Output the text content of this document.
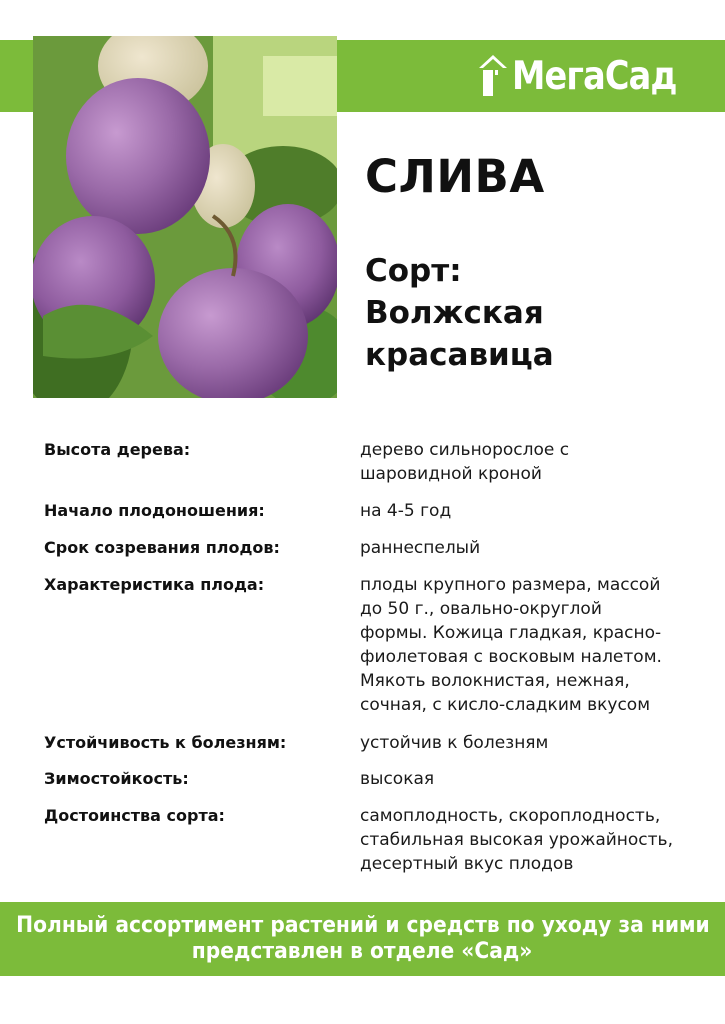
МегаСад
СЛИВА
Сорт:
Волжская
красавица
Высота дерева:	дерево сильнорослое с
шаровидной кроной
Начало плодоношения:	на 4-5 год
Срок созревания плодов:	раннеспелый
Характеристика плода:	плоды крупного размера, массой
до 50 г., овально-округлой
формы. Кожица гладкая, красно-
фиолетовая с восковым налетом.
Мякоть волокнистая, нежная,
сочная, с кисло-сладким вкусом
Устойчивость к болезням:	устойчив к болезням
Зимостойкость:	высокая
Достоинства сорта:	самоплодность, скороплодность,
стабильная высокая урожайность,
десертный вкус плодов
Полный ассортимент растений и средств по уходу за ними
представлен в отделе «Сад»
